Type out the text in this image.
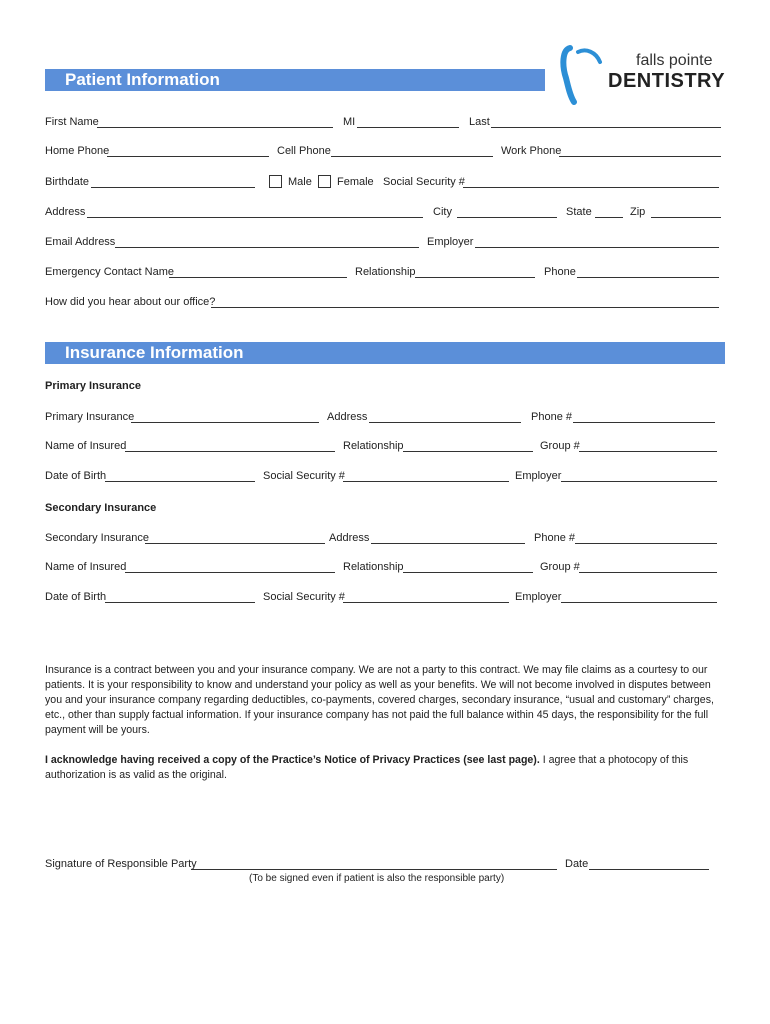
falls pointe
DENTISTRY
Patient Information
First Name	MI	Last
Home Phone	Cell Phone	Work Phone
Birthdate	Male Female Social Security #
Address	City	State	Zip
Email Address	Employer
Emergency Contact Name	Relationship	Phone
How did you hear about our office?
Insurance Information
Primary Insurance
Primary Insurance	Address	Phone #
Name of Insured	Relationship	Group #
Date of Birth	Social Security #	Employer
Secondary Insurance
Secondary Insurance	Address	Phone #
Name of Insured	Relationship	Group #
Date of Birth	Social Security #	Employer
Insurance is a contract between you and your insurance company. We are not a party to this contract. We may file claims as a courtesy to our patients. It is your responsibility to know and understand your policy as well as your benefits. We will not become involved in disputes between you and your insurance company regarding deductibles, co-payments, covered charges, secondary insurance, “usual and customary” charges, etc., other than supply factual information. If your insurance company has not paid the full balance within 45 days, the responsibility for the full payment will be yours.
I acknowledge having received a copy of the Practice’s Notice of Privacy Practices (see last page). I agree that a photocopy of this authorization is as valid as the original.
Signature of Responsible Party	Date
(To be signed even if patient is also the responsible party)
